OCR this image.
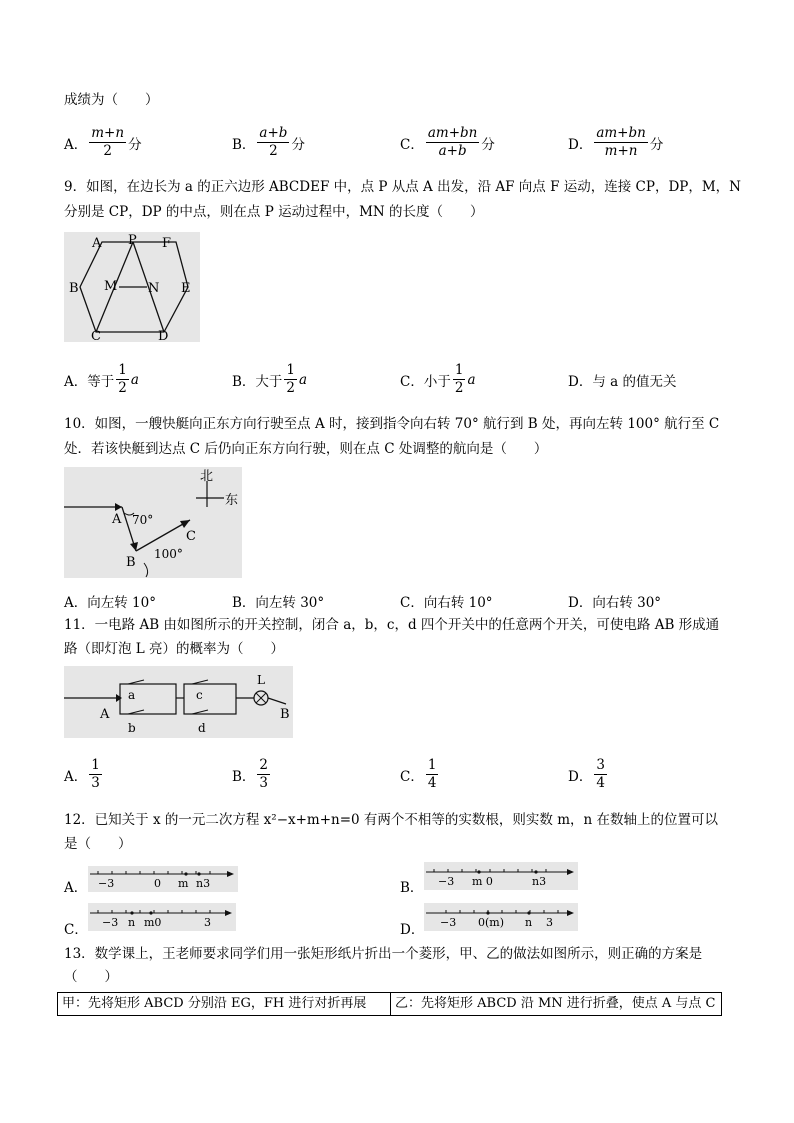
成绩为（　　）
A． $\frac{m+n}{2}$ 分	B． $\frac{a+b}{2}$ 分	C． $\frac{am+bn}{a+b}$ 分	D． $\frac{am+bn}{m+n}$ 分
9．如图，在边长为 a 的正六边形 ABCDEF 中，点 P 从点 A 出发，沿 AF 向点 F 运动，连接 CP，DP，M，N
分别是 CP，DP 的中点，则在点 P 运动过程中，MN 的长度（　　）
A P F
B M N E
C	D
A． 等于 $\frac{1}{2}$ a	B． 大于 $\frac{1}{2}$ a	C． 小于 $\frac{1}{2}$ a	D． 与 a 的值无关
10．如图，一艘快艇向正东方向行驶至点 A 时，接到指令向右转 70° 航行到 B 处，再向左转 100° 航行至 C
处．若该快艇到达点 C 后仍向正东方向行驶，则在点 C 处调整的航向是（　　）
北
东
A 70°
B
C
100°
A．向左转 10°	B．向左转 30°	C．向右转 10°	D．向右转 30°
11．一电路 AB 由如图所示的开关控制，闭合 a，b，c，d 四个开关中的任意两个开关，可使电路 AB 形成通
路（即灯泡 L 亮）的概率为（　　）
a
b
c
d
L
A	B
A． $\frac{1}{3}$	B． $\frac{2}{3}$	C． $\frac{1}{4}$	D． $\frac{3}{4}$
12．已知关于 x 的一元二次方程 x²−x+m+n=0 有两个不相等的实数根，则实数 m，n 在数轴上的位置可以
是（　　）
A． −3	0 m n3	B． −3 m 0	n3
C． −3 n m0	3	D． −3 0(m) n 3
13．数学课上，王老师要求同学们用一张矩形纸片折出一个菱形，甲、乙的做法如图所示，则正确的方案是
（　　）
甲：先将矩形 ABCD 分别沿 EG，FH 进行对折再展	乙：先将矩形 ABCD 沿 MN 进行折叠，使点 A 与点 C
